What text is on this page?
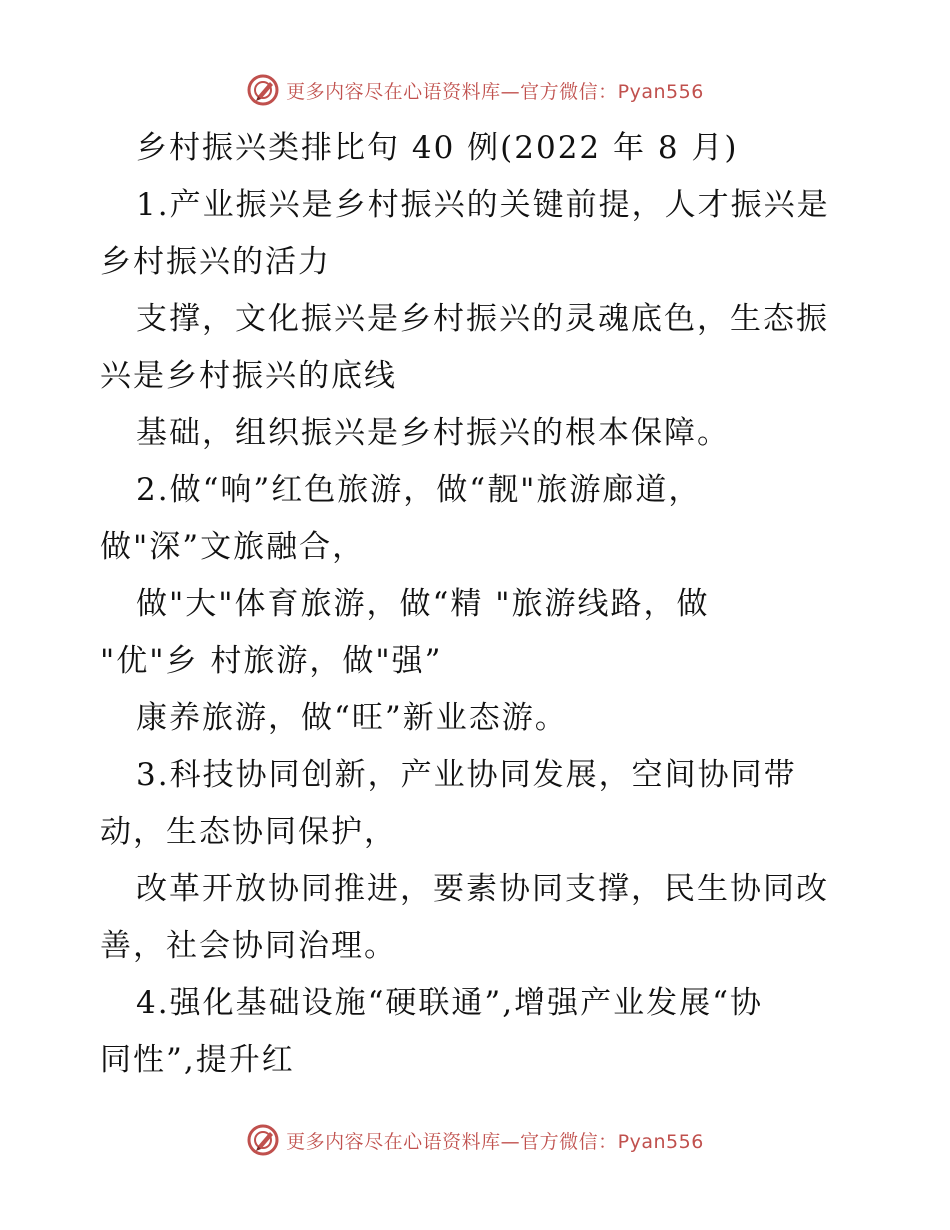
更多内容尽在心语资料库—官方微信：Pyan556
乡村振兴类排比句 40 例(2022 年 8 月)
1.产业振兴是乡村振兴的关键前提，人才振兴是
乡村振兴的活力
支撑，文化振兴是乡村振兴的灵魂底色，生态振
兴是乡村振兴的底线
基础，组织振兴是乡村振兴的根本保障。
2.做“响”红色旅游，做“靓"旅游廊道，
做"深”文旅融合，
做"大"体育旅游，做“精 "旅游线路，做
"优"乡 村旅游，做"强”
康养旅游，做“旺”新业态游。
3.科技协同创新，产业协同发展，空间协同带
动，生态协同保护，
改革开放协同推进，要素协同支撑，民生协同改
善，社会协同治理。
4.强化基础设施“硬联通”,增强产业发展“协
同性”,提升红
更多内容尽在心语资料库—官方微信：Pyan556
